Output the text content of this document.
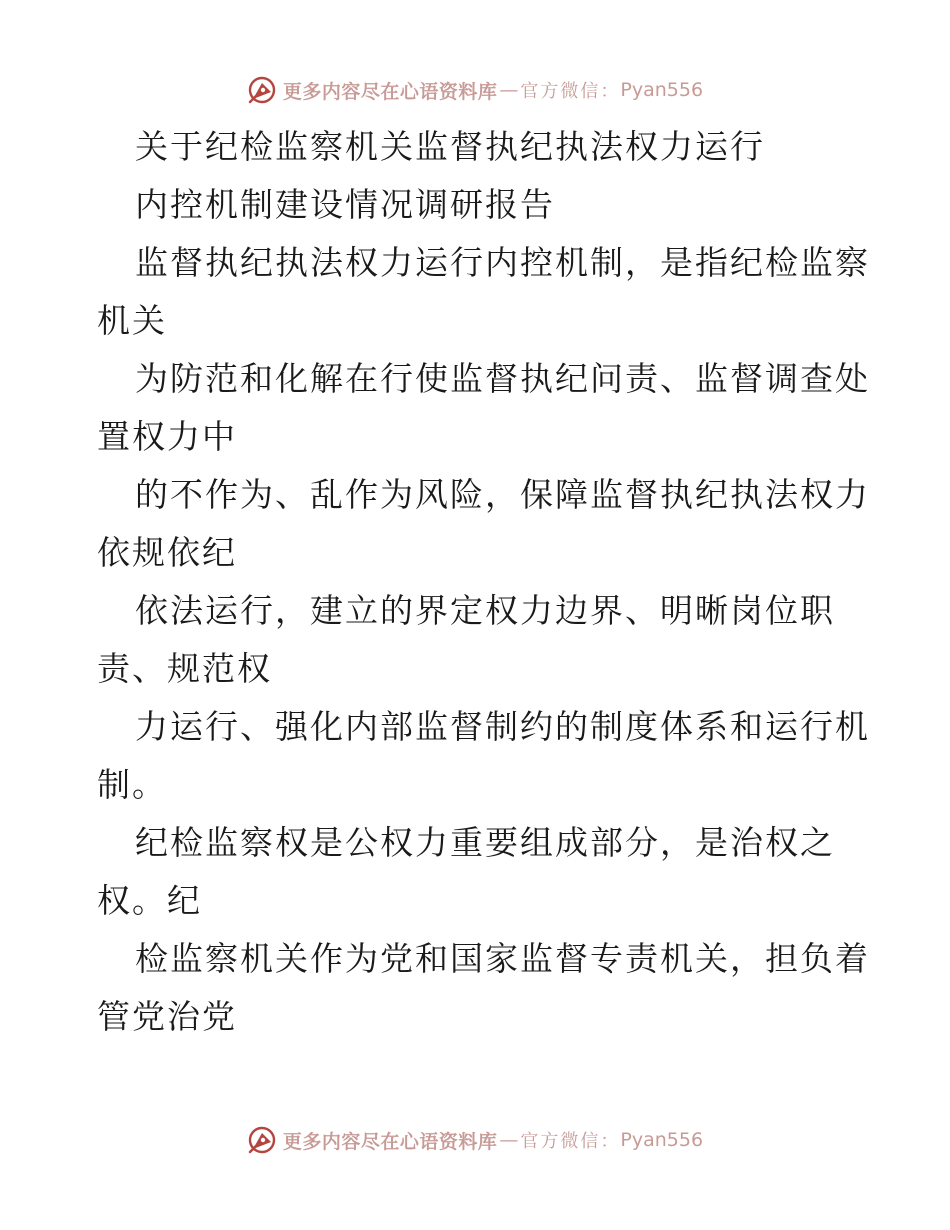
更多内容尽在心语资料库 — 官方微信： Pyan556
关于纪检监察机关监督执纪执法权力运行
内控机制建设情况调研报告
监督执纪执法权力运行内控机制，是指纪检监察
机关
为防范和化解在行使监督执纪问责、监督调查处
置权力中
的不作为、乱作为风险，保障监督执纪执法权力
依规依纪
依法运行，建立的界定权力边界、明晰岗位职
责、规范权
力运行、强化内部监督制约的制度体系和运行机
制。
纪检监察权是公权力重要组成部分，是治权之
权。纪
检监察机关作为党和国家监督专责机关，担负着
管党治党
更多内容尽在心语资料库 — 官方微信： Pyan556
